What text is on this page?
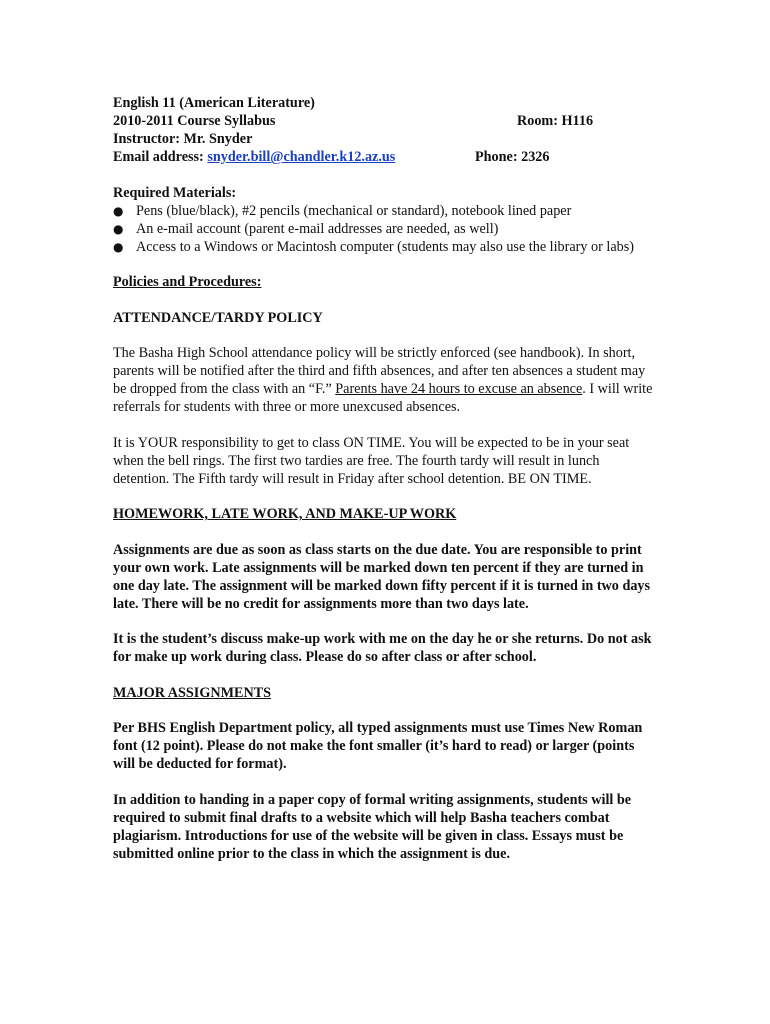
English 11 (American Literature)
2010-2011 Course Syllabus	Room: H116
Instructor: Mr. Snyder
Email address: snyder.bill@chandler.k12.az.us	Phone: 2326
Required Materials:
● Pens (blue/black), #2 pencils (mechanical or standard), notebook lined paper
● An e-mail account (parent e-mail addresses are needed, as well)
● Access to a Windows or Macintosh computer (students may also use the library or labs)
Policies and Procedures:
ATTENDANCE/TARDY POLICY

The Basha High School attendance policy will be strictly enforced (see handbook). In short, parents will be notified after the third and fifth absences, and after ten absences a student may be dropped from the class with an “F.” Parents have 24 hours to excuse an absence. I will write referrals for students with three or more unexcused absences.

It is YOUR responsibility to get to class ON TIME. You will be expected to be in your seat when the bell rings. The first two tardies are free. The fourth tardy will result in lunch detention. The Fifth tardy will result in Friday after school detention. BE ON TIME.

HOMEWORK, LATE WORK, AND MAKE-UP WORK

Assignments are due as soon as class starts on the due date. You are responsible to print your own work. Late assignments will be marked down ten percent if they are turned in one day late. The assignment will be marked down fifty percent if it is turned in two days late. There will be no credit for assignments more than two days late.

It is the student’s discuss make-up work with me on the day he or she returns. Do not ask for make up work during class. Please do so after class or after school.

MAJOR ASSIGNMENTS

Per BHS English Department policy, all typed assignments must use Times New Roman font (12 point). Please do not make the font smaller (it’s hard to read) or larger (points will be deducted for format).

In addition to handing in a paper copy of formal writing assignments, students will be required to submit final drafts to a website which will help Basha teachers combat plagiarism. Introductions for use of the website will be given in class. Essays must be submitted online prior to the class in which the assignment is due.
